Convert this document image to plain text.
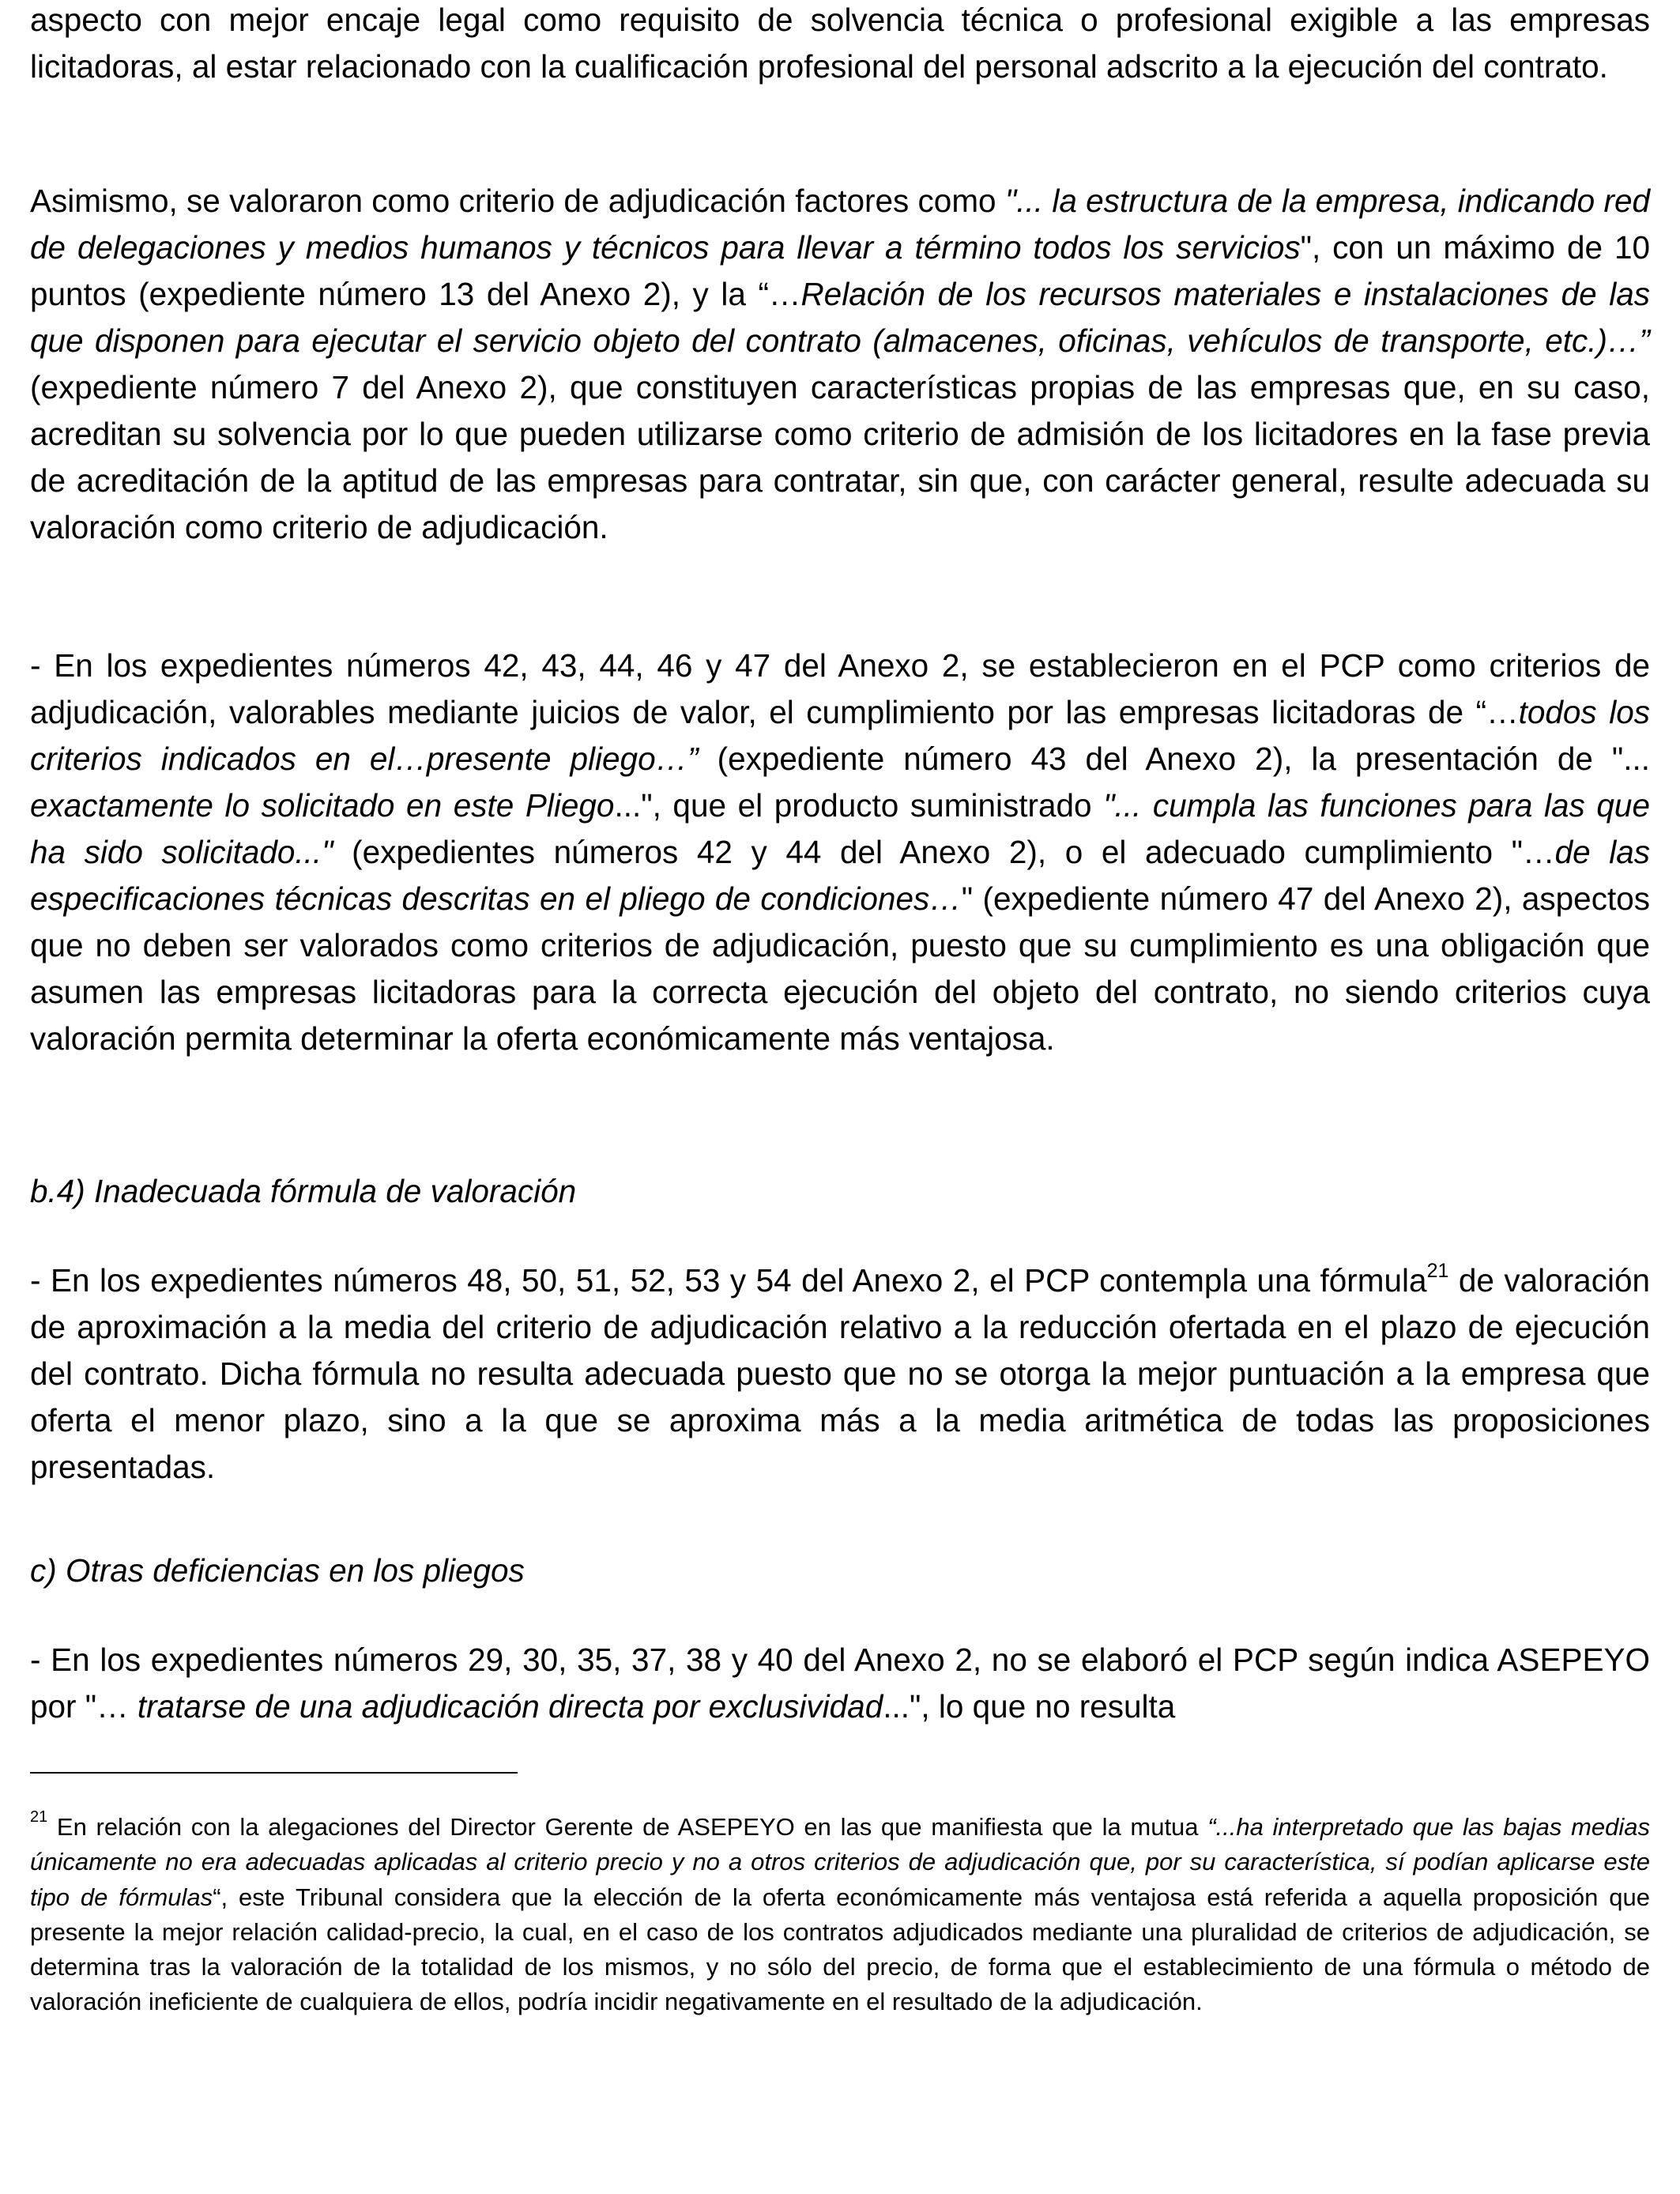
aspecto con mejor encaje legal como requisito de solvencia técnica o profesional exigible a las empresas licitadoras, al estar relacionado con la cualificación profesional del personal adscrito a la ejecución del contrato.

Asimismo, se valoraron como criterio de adjudicación factores como "... la estructura de la empresa, indicando red de delegaciones y medios humanos y técnicos para llevar a término todos los servicios", con un máximo de 10 puntos (expediente número 13 del Anexo 2), y la “…Relación de los recursos materiales e instalaciones de las que disponen para ejecutar el servicio objeto del contrato (almacenes, oficinas, vehículos de transporte, etc.)…” (expediente número 7 del Anexo 2), que constituyen características propias de las empresas que, en su caso, acreditan su solvencia por lo que pueden utilizarse como criterio de admisión de los licitadores en la fase previa de acreditación de la aptitud de las empresas para contratar, sin que, con carácter general, resulte adecuada su valoración como criterio de adjudicación.

- En los expedientes números 42, 43, 44, 46 y 47 del Anexo 2, se establecieron en el PCP como criterios de adjudicación, valorables mediante juicios de valor, el cumplimiento por las empresas licitadoras de “…todos los criterios indicados en el…presente pliego…” (expediente número 43 del Anexo 2), la presentación de "... exactamente lo solicitado en este Pliego...", que el producto suministrado "... cumpla las funciones para las que ha sido solicitado..." (expedientes números 42 y 44 del Anexo 2), o el adecuado cumplimiento "…de las especificaciones técnicas descritas en el pliego de condiciones…" (expediente número 47 del Anexo 2), aspectos que no deben ser valorados como criterios de adjudicación, puesto que su cumplimiento es una obligación que asumen las empresas licitadoras para la correcta ejecución del objeto del contrato, no siendo criterios cuya valoración permita determinar la oferta económicamente más ventajosa.

b.4) Inadecuada fórmula de valoración

- En los expedientes números 48, 50, 51, 52, 53 y 54 del Anexo 2, el PCP contempla una fórmula$^{21}$ de valoración de aproximación a la media del criterio de adjudicación relativo a la reducción ofertada en el plazo de ejecución del contrato. Dicha fórmula no resulta adecuada puesto que no se otorga la mejor puntuación a la empresa que oferta el menor plazo, sino a la que se aproxima más a la media aritmética de todas las proposiciones presentadas.

c) Otras deficiencias en los pliegos

- En los expedientes números 29, 30, 35, 37, 38 y 40 del Anexo 2, no se elaboró el PCP según indica ASEPEYO por "… tratarse de una adjudicación directa por exclusividad...", lo que no resulta

$^{21}$ En relación con la alegaciones del Director Gerente de ASEPEYO en las que manifiesta que la mutua “...ha interpretado que las bajas medias únicamente no era adecuadas aplicadas al criterio precio y no a otros criterios de adjudicación que, por su característica, sí podían aplicarse este tipo de fórmulas“, este Tribunal considera que la elección de la oferta económicamente más ventajosa está referida a aquella proposición que presente la mejor relación calidad-precio, la cual, en el caso de los contratos adjudicados mediante una pluralidad de criterios de adjudicación, se determina tras la valoración de la totalidad de los mismos, y no sólo del precio, de forma que el establecimiento de una fórmula o método de valoración ineficiente de cualquiera de ellos, podría incidir negativamente en el resultado de la adjudicación.
